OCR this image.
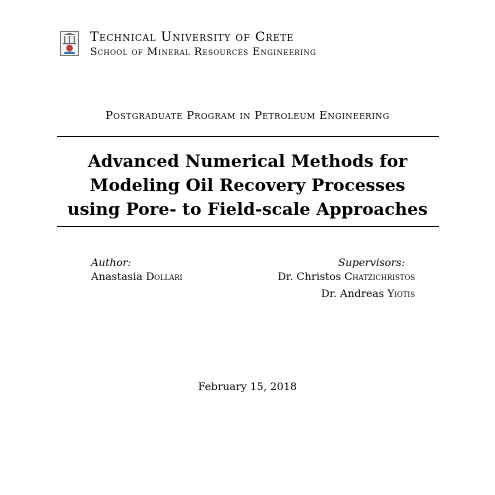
Technical University of Crete
School of Mineral Resources Engineering
Postgraduate Program in Petroleum Engineering
Advanced Numerical Methods for
Modeling Oil Recovery Processes
using Pore- to Field-scale Approaches
Author:
Anastasia Dollari
Supervisors:
Dr. Christos Chatzichristos
Dr. Andreas Yiotis
February 15, 2018
